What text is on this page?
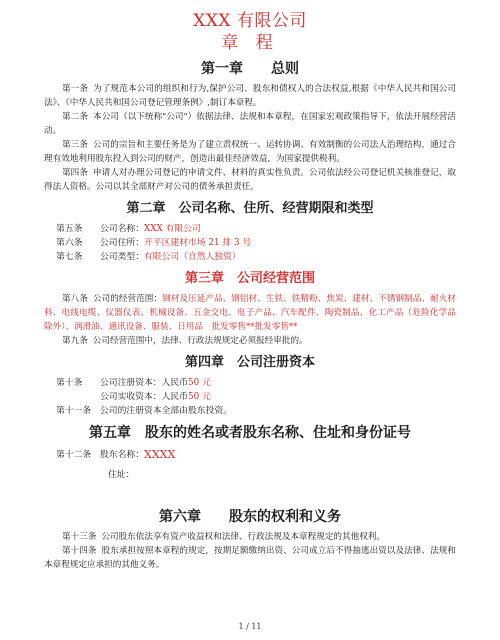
XXX 有限公司
章 程
第一章　　总则

第一条 为了规范本公司的组织和行为,保护公司、股东和债权人的合法权益,根据《中华人民共和国公司法》、《中华人民共和国公司登记管理条例》,制订本章程。

第二条 本公司（以下统称"公司"）依据法律、法规和本章程，在国家宏观政策指导下，依法开展经营活动。

第三条 公司的宗旨和主要任务是为了建立责权统一、运转协调、有效制衡的公司法人治理结构，通过合理有效地利用股东投入到公司的财产，创造出最佳经济效益，为国家提供税利。

第四条 申请人对办理公司登记的申请文件、材料的真实性负责。公司依法经公司登记机关核准登记，取得法人资格。公司以其全部财产对公司的债务承担责任。

第二章　公司名称、住所、经营期限和类型
第五条	公司名称： XXX 有限公司
第六条	公司住所： 开平区建材市场 21 排 3 号
第七条	公司类型： 有限公司（自然人独资）
第三章　公司经营范围

第八条 公司的经营范围：钢材及压延产品、钢铝材、生铁、铁精粉、焦炭、建材、不锈钢制品、耐火材料、电线电缆、仪器仪表、机械设备、五金交电、电子产品、汽车配件、陶瓷制品、化工产品（危险化学品除外）、润滑油、通讯设备、服装、日用品　批发零售**批发零售**

第九条 公司经营范围中，法律、行政法规规定必须报经审批的。

第四章　公司注册资本
第十条	公司注册资本：人民币 50 元
公司实收资本：人民币 50 元
第十一条 公司的注册资本全部由股东投资。
第五章　股东的姓名或者股东名称、住址和身份证号
第十二条 股东名称： XXXX
住址：
第六章　　股东的权利和义务

第十三条 公司股东依法享有资产收益权和法律、行政法规及本章程规定的其他权利。

第十四条 股东承担按照本章程的规定，按期足额缴纳出资、公司成立后不得抽逃出资以及法律、法规和本章程规定应承担的其他义务。

1 / 11
